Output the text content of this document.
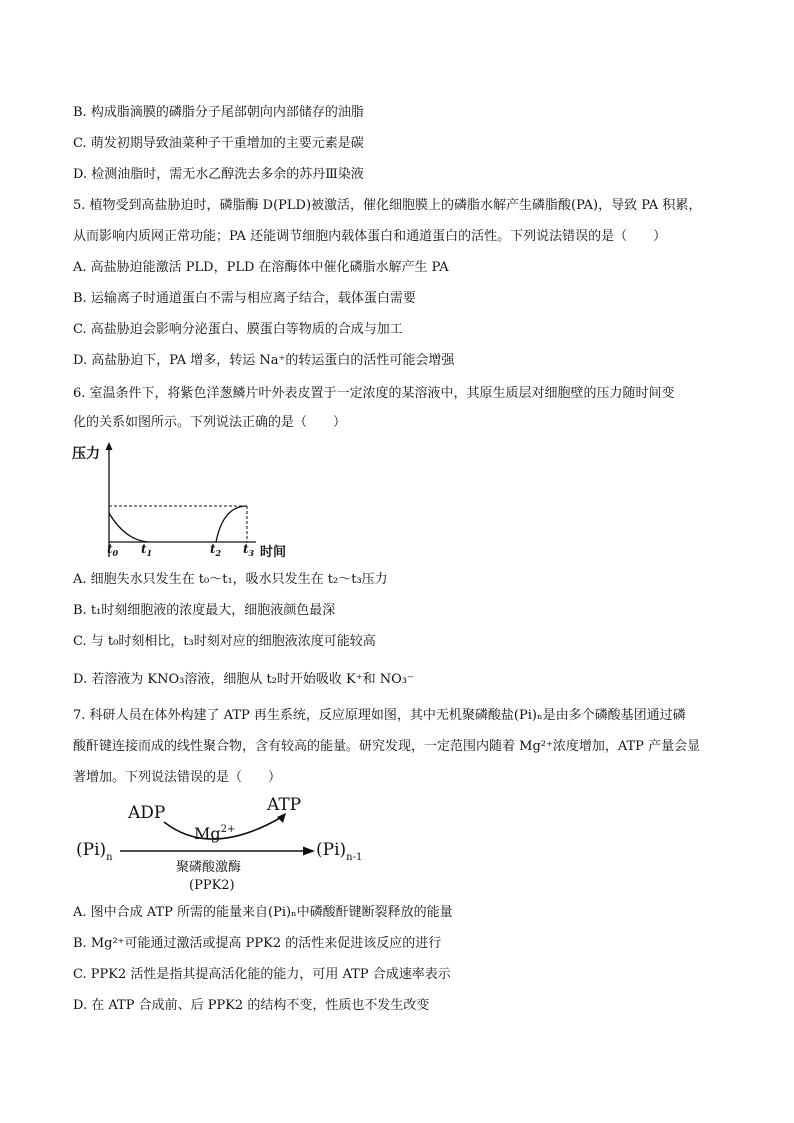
B. 构成脂滴膜的磷脂分子尾部朝向内部储存的油脂
C. 萌发初期导致油菜种子干重增加的主要元素是碳
D. 检测油脂时，需无水乙醇洗去多余的苏丹Ⅲ染液
5. 植物受到高盐胁迫时，磷脂酶 D(PLD)被激活，催化细胞膜上的磷脂水解产生磷脂酸(PA)，导致 PA 积累，
从而影响内质网正常功能；PA 还能调节细胞内载体蛋白和通道蛋白的活性。下列说法错误的是（　　）
A. 高盐胁迫能激活 PLD，PLD 在溶酶体中催化磷脂水解产生 PA
B. 运输离子时通道蛋白不需与相应离子结合，载体蛋白需要
C. 高盐胁迫会影响分泌蛋白、膜蛋白等物质的合成与加工
D. 高盐胁迫下，PA 增多，转运 Na⁺的转运蛋白的活性可能会增强
6. 室温条件下，将紫色洋葱鳞片叶外表皮置于一定浓度的某溶液中，其原生质层对细胞壁的压力随时间变
化的关系如图所示。下列说法正确的是（　　）
压力
时间
$t_0$ $t_1$	$t_2$ $t_3$
A. 细胞失水只发生在 t₀～t₁，吸水只发生在 t₂～t₃压力
B. t₁时刻细胞液的浓度最大，细胞液颜色最深
C. 与 t₀时刻相比，t₃时刻对应的细胞液浓度可能较高
D. 若溶液为 KNO₃溶液，细胞从 t₂时开始吸收 K⁺和 NO₃⁻
7. 科研人员在体外构建了 ATP 再生系统，反应原理如图，其中无机聚磷酸盐(Pi)ₙ是由多个磷酸基团通过磷
酸酐键连接而成的线性聚合物，含有较高的能量。研究发现，一定范围内随着 Mg²⁺浓度增加，ATP 产量会显
著增加。下列说法错误的是（　　）
ADP	ATP
$Mg^{2+}$
$(Pi)_n$	$(Pi)_{n-1}$
聚磷酸激酶
(PPK2)
A. 图中合成 ATP 所需的能量来自(Pi)ₙ中磷酸酐键断裂释放的能量
B. Mg²⁺可能通过激活或提高 PPK2 的活性来促进该反应的进行
C. PPK2 活性是指其提高活化能的能力，可用 ATP 合成速率表示
D. 在 ATP 合成前、后 PPK2 的结构不变，性质也不发生改变
